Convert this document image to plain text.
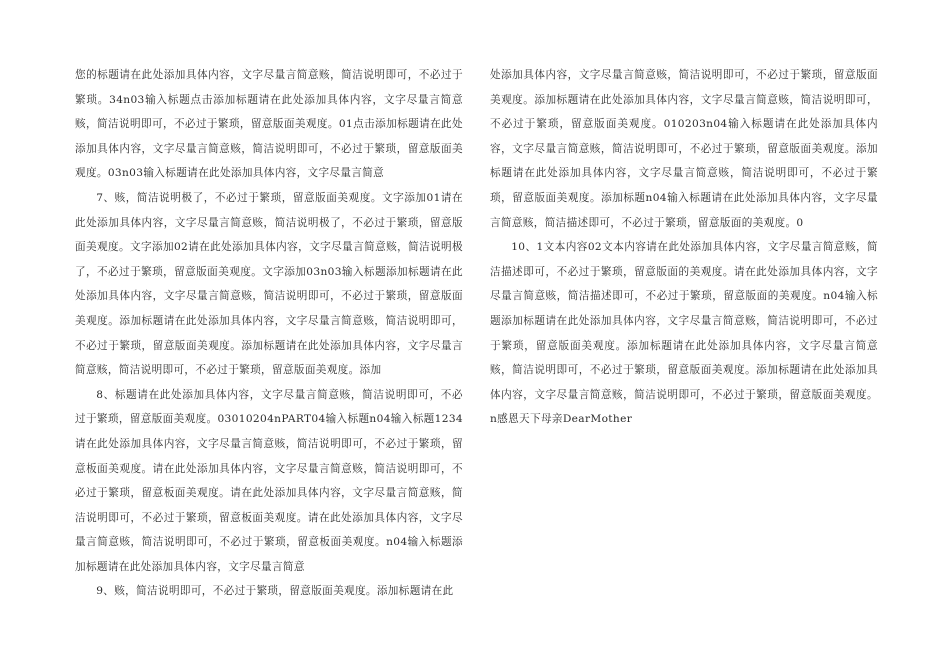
您的标题请在此处添加具体内容，文字尽量言简意赅，简洁说明即可，不必过于繁琐。34n03输入标题点击添加标题请在此处添加具体内容，文字尽量言简意赅，简洁说明即可，不必过于繁琐，留意版面美观度。01点击添加标题请在此处添加具体内容，文字尽量言简意赅，简洁说明即可，不必过于繁琐，留意版面美观度。03n03输入标题请在此处添加具体内容，文字尽量言简意

7、赅，简洁说明极了，不必过于繁琐，留意版面美观度。文字添加01请在此处添加具体内容，文字尽量言简意赅，简洁说明极了，不必过于繁琐，留意版面美观度。文字添加02请在此处添加具体内容，文字尽量言简意赅，简洁说明极了，不必过于繁琐，留意版面美观度。文字添加03n03输入标题添加标题请在此处添加具体内容，文字尽量言简意赅，简洁说明即可，不必过于繁琐，留意版面美观度。添加标题请在此处添加具体内容，文字尽量言简意赅，简洁说明即可，不必过于繁琐，留意版面美观度。添加标题请在此处添加具体内容，文字尽量言简意赅，简洁说明即可，不必过于繁琐，留意版面美观度。添加

8、标题请在此处添加具体内容，文字尽量言简意赅，简洁说明即可，不必过于繁琐，留意版面美观度。03010204nPART04输入标题n04输入标题1234请在此处添加具体内容，文字尽量言简意赅，简洁说明即可，不必过于繁琐，留意板面美观度。请在此处添加具体内容，文字尽量言简意赅，简洁说明即可，不必过于繁琐，留意板面美观度。请在此处添加具体内容，文字尽量言简意赅，简洁说明即可，不必过于繁琐，留意板面美观度。请在此处添加具体内容，文字尽量言简意赅，简洁说明即可，不必过于繁琐，留意板面美观度。n04输入标题添加标题请在此处添加具体内容，文字尽量言简意

9、赅，简洁说明即可，不必过于繁琐，留意版面美观度。添加标题请在此

处添加具体内容，文字尽量言简意赅，简洁说明即可，不必过于繁琐，留意版面美观度。添加标题请在此处添加具体内容，文字尽量言简意赅，简洁说明即可，不必过于繁琐，留意版面美观度。010203n04输入标题请在此处添加具体内容，文字尽量言简意赅，简洁说明即可，不必过于繁琐，留意版面美观度。添加标题请在此处添加具体内容，文字尽量言简意赅，简洁说明即可，不必过于繁琐，留意版面美观度。添加标题n04输入标题请在此处添加具体内容，文字尽量言简意赅，简洁描述即可，不必过于繁琐，留意版面的美观度。0

10、1文本内容02文本内容请在此处添加具体内容，文字尽量言简意赅，简洁描述即可，不必过于繁琐，留意版面的美观度。请在此处添加具体内容，文字尽量言简意赅，简洁描述即可，不必过于繁琐，留意版面的美观度。n04输入标题添加标题请在此处添加具体内容，文字尽量言简意赅，简洁说明即可，不必过于繁琐，留意版面美观度。添加标题请在此处添加具体内容，文字尽量言简意赅，简洁说明即可，不必过于繁琐，留意版面美观度。添加标题请在此处添加具体内容，文字尽量言简意赅，简洁说明即可，不必过于繁琐，留意版面美观度。n感恩天下母亲DearMother
